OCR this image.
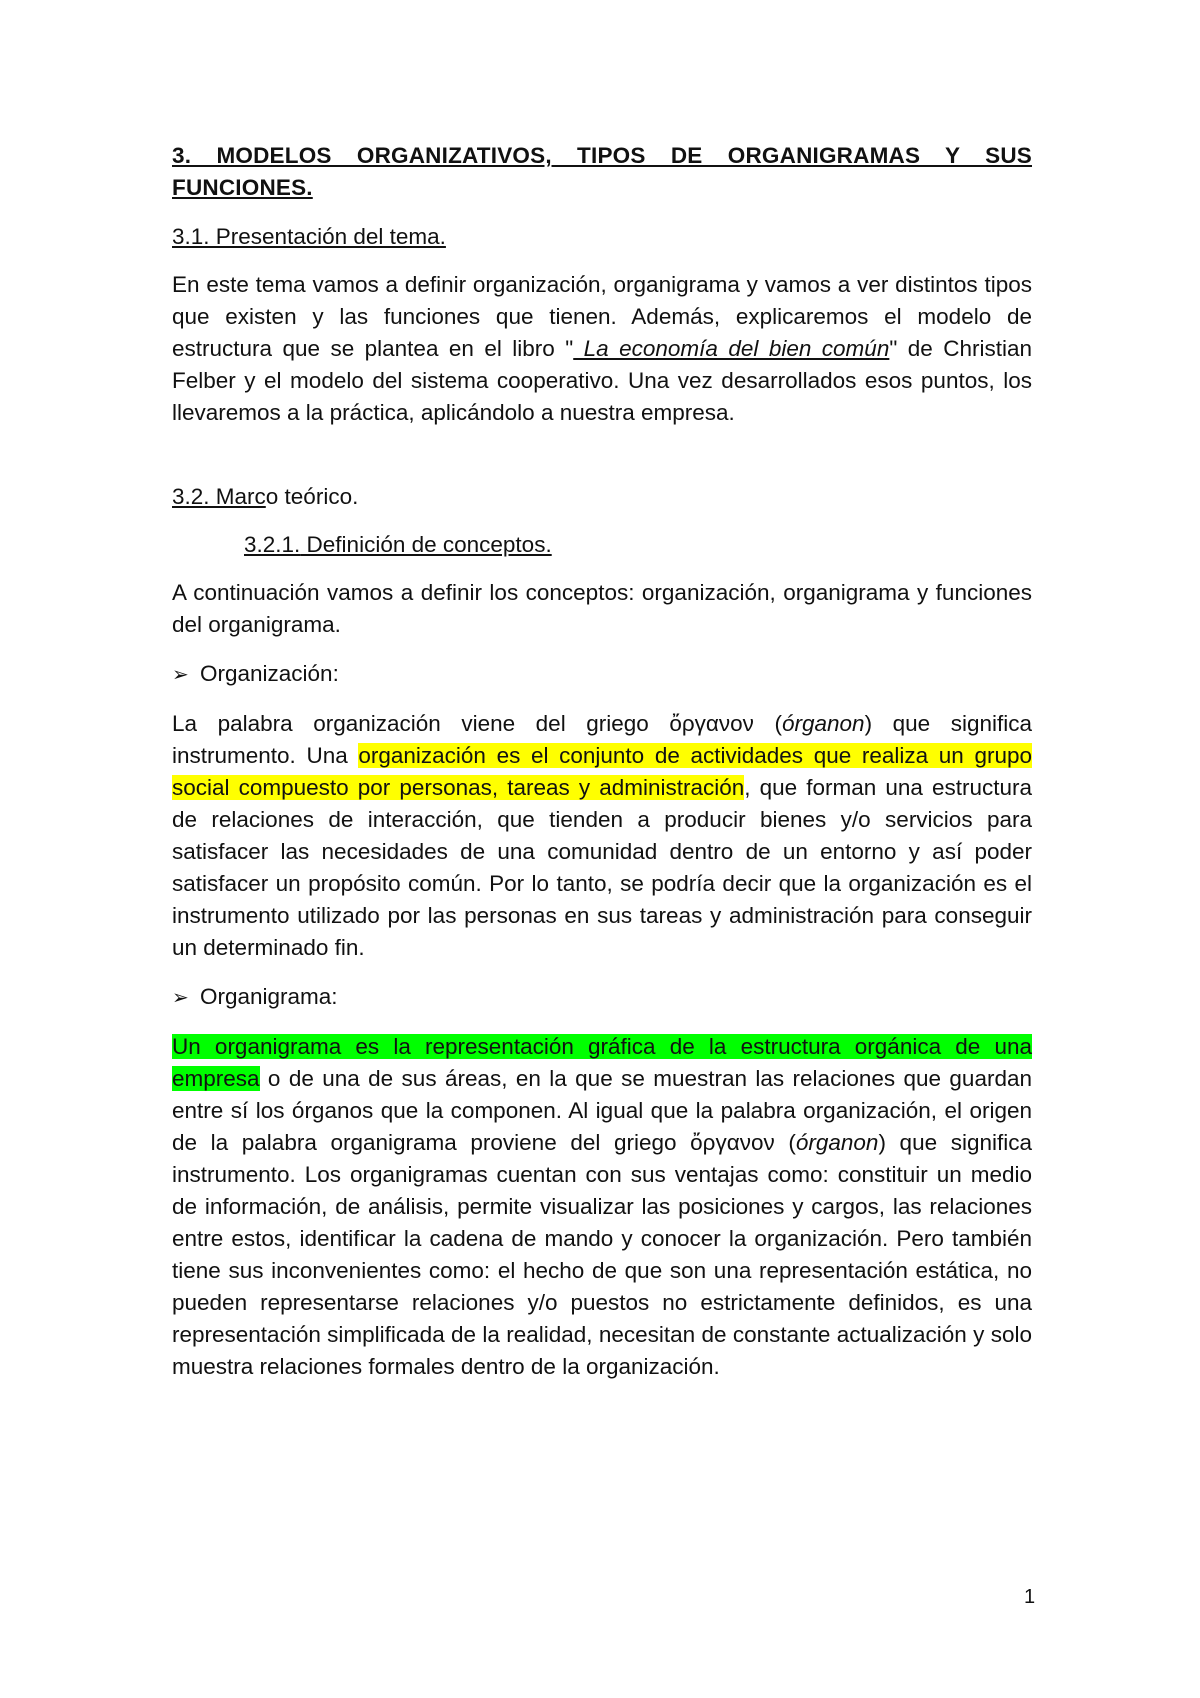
3. MODELOS ORGANIZATIVOS, TIPOS DE ORGANIGRAMAS Y SUS FUNCIONES.

3.1. Presentación del tema.

En este tema vamos a definir organización, organigrama y vamos a ver distintos tipos que existen y las funciones que tienen. Además, explicaremos el modelo de estructura que se plantea en el libro " La economía del bien común" de Christian Felber y el modelo del sistema cooperativo. Una vez desarrollados esos puntos, los llevaremos a la práctica, aplicándolo a nuestra empresa.

3.2. Marco teórico.

3.2.1. Definición de conceptos.

A continuación vamos a definir los conceptos: organización, organigrama y funciones del organigrama.

➢ Organización:

La palabra organización viene del griego ὄργανον (órganon) que significa instrumento. Una organización es el conjunto de actividades que realiza un grupo social compuesto por personas, tareas y administración, que forman una estructura de relaciones de interacción, que tienden a producir bienes y/o servicios para satisfacer las necesidades de una comunidad dentro de un entorno y así poder satisfacer un propósito común. Por lo tanto, se podría decir que la organización es el instrumento utilizado por las personas en sus tareas y administración para conseguir un determinado fin.

➢ Organigrama:

Un organigrama es la representación gráfica de la estructura orgánica de una empresa o de una de sus áreas, en la que se muestran las relaciones que guardan entre sí los órganos que la componen. Al igual que la palabra organización, el origen de la palabra organigrama proviene del griego ὄργανον (órganon) que significa instrumento. Los organigramas cuentan con sus ventajas como: constituir un medio de información, de análisis, permite visualizar las posiciones y cargos, las relaciones entre estos, identificar la cadena de mando y conocer la organización. Pero también tiene sus inconvenientes como: el hecho de que son una representación estática, no pueden representarse relaciones y/o puestos no estrictamente definidos, es una representación simplificada de la realidad, necesitan de constante actualización y solo muestra relaciones formales dentro de la organización.

1
